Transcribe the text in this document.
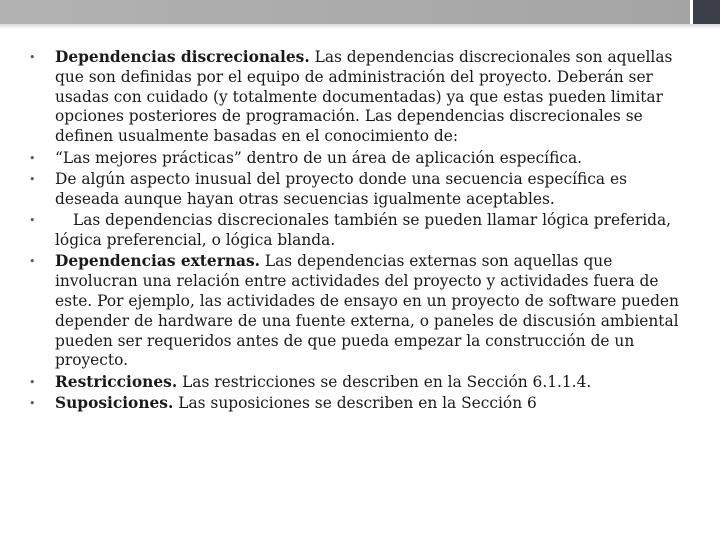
• Dependencias discrecionales. Las dependencias discrecionales son aquellas que son definidas por el equipo de administración del proyecto. Deberán ser usadas con cuidado (y totalmente documentadas) ya que estas pueden limitar opciones posteriores de programación. Las dependencias discrecionales se definen usualmente basadas en el conocimiento de:
• “Las mejores prácticas” dentro de un área de aplicación específica.
• De algún aspecto inusual del proyecto donde una secuencia específica es deseada aunque hayan otras secuencias igualmente aceptables.
• Las dependencias discrecionales también se pueden llamar lógica preferida, lógica preferencial, o lógica blanda.
• Dependencias externas. Las dependencias externas son aquellas que involucran una relación entre actividades del proyecto y actividades fuera de este. Por ejemplo, las actividades de ensayo en un proyecto de software pueden depender de hardware de una fuente externa, o paneles de discusión ambiental pueden ser requeridos antes de que pueda empezar la construcción de un proyecto.
• Restricciones. Las restricciones se describen en la Sección 6.1.1.4.
• Suposiciones. Las suposiciones se describen en la Sección 6
